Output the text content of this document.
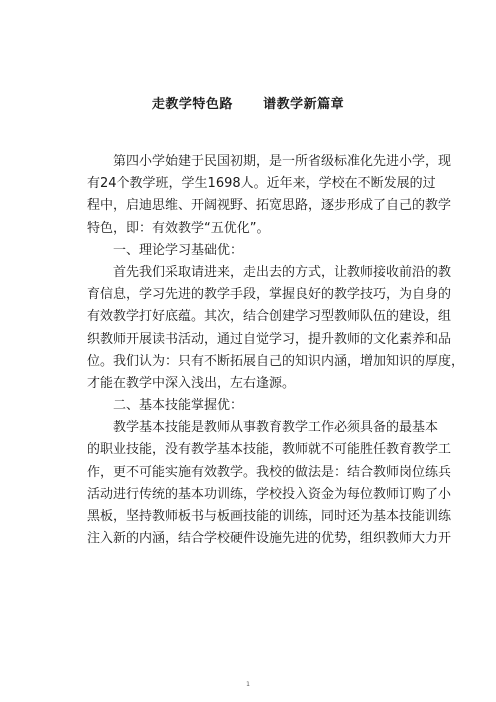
走教学特色路      谱教学新篇章
第四小学始建于民国初期，是一所省级标准化先进小学，现
有24个教学班，学生1698人。近年来，学校在不断发展的过
程中，启迪思维、开阔视野、拓宽思路，逐步形成了自己的教学
特色，即：有效教学“五优化”。
一、理论学习基础优：
首先我们采取请进来，走出去的方式，让教师接收前沿的教
育信息，学习先进的教学手段，掌握良好的教学技巧，为自身的
有效教学打好底蕴。其次，结合创建学习型教师队伍的建设，组
织教师开展读书活动，通过自觉学习，提升教师的文化素养和品
位。我们认为：只有不断拓展自己的知识内涵，增加知识的厚度，
才能在教学中深入浅出，左右逢源。
二、基本技能掌握优：
教学基本技能是教师从事教育教学工作必须具备的最基本
的职业技能，没有教学基本技能，教师就不可能胜任教育教学工
作，更不可能实施有效教学。我校的做法是：结合教师岗位练兵
活动进行传统的基本功训练，学校投入资金为每位教师订购了小
黑板，坚持教师板书与板画技能的训练，同时还为基本技能训练
注入新的内涵，结合学校硬件设施先进的优势，组织教师大力开
1
